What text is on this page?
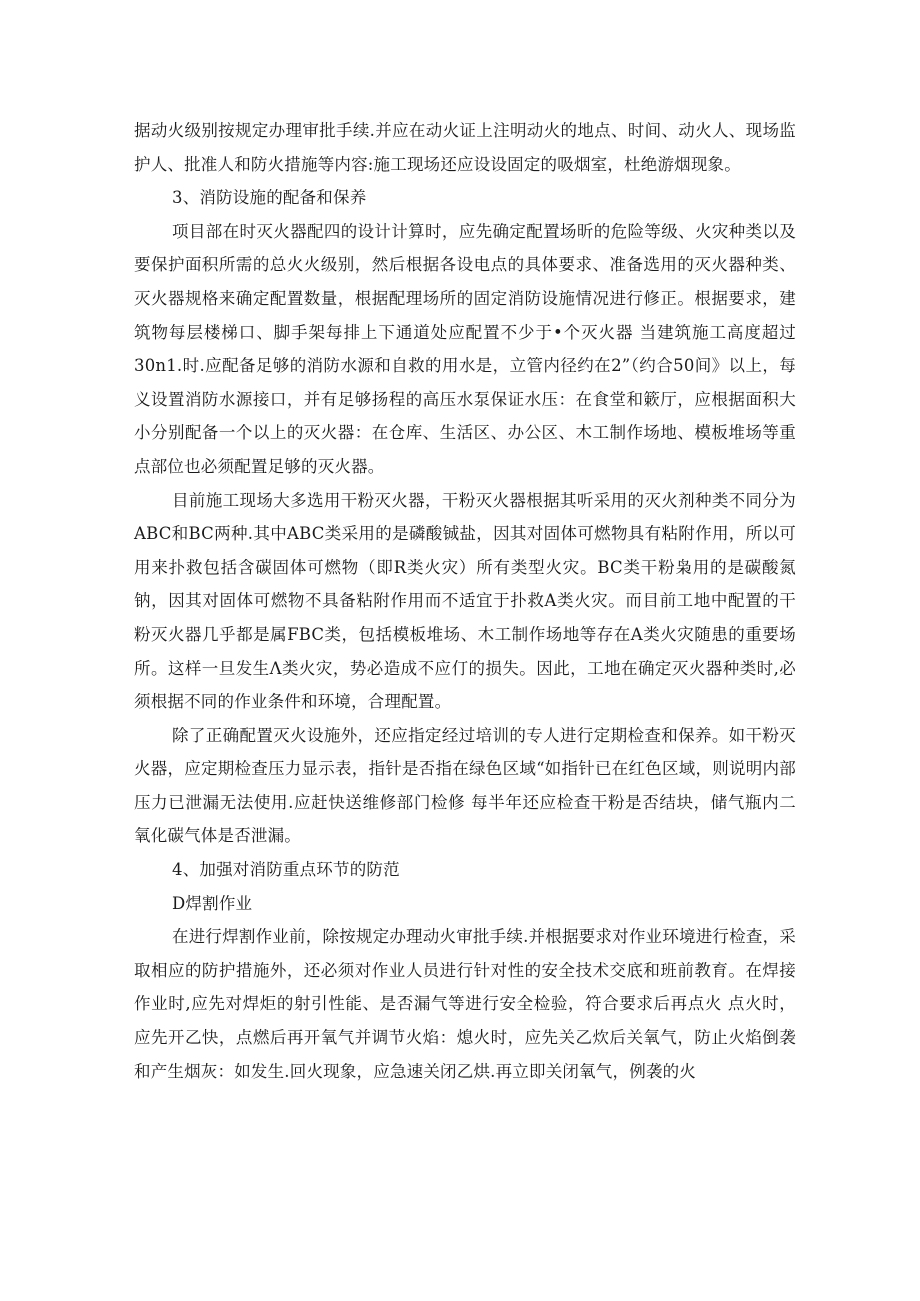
据动火级别按规定办理审批手续.并应在动火证上注明动火的地点、时间、动火人、现场监护人、批准人和防火措施等内容:施工现场还应设设固定的吸烟室，杜绝游烟现象。

3、消防设施的配备和保养

项目部在时灭火器配四的设计计算时，应先确定配置场昕的危险等级、火灾种类以及要保护面积所需的总火火级别，然后根据各设电点的具体要求、准备选用的灭火器种类、灭火器规格来确定配置数量，根据配理场所的固定消防设施情况进行修正。根据要求，建筑物每层楼梯口、脚手架每排上下通道处应配置不少于•个灭火器 当建筑施工高度超过30n1.时.应配备足够的消防水源和自救的用水是，立管内径约在2”（约合50间》以上，每义设置消防水源接口，并有足够扬程的高压水泵保证水压：在食堂和簌厅，应根据面积大小分别配备一个以上的灭火器：在仓库、生活区、办公区、木工制作场地、模板堆场等重点部位也必须配置足够的灭火器。

目前施工现场大多选用干粉灭火器，干粉灭火器根据其听采用的灭火剂种类不同分为ABC和BC两种.其中ABC类采用的是磷酸铖盐，因其对固体可燃物具有粘附作用，所以可用来扑救包括含碳固体可燃物（即R类火灾）所有类型火灾。BC类干粉枭用的是碳酸氮钠，因其对固体可燃物不具备粘附作用而不适宜于扑救A类火灾。而目前工地中配置的干粉灭火器几乎都是属FBC类，包括模板堆场、木工制作场地等存在A类火灾随患的重要场所。这样一旦发生Λ类火灾，势必造成不应仃的损失。因此，工地在确定灭火器种类时,必须根据不同的作业条件和环境，合理配置。

除了正确配置灭火设施外，还应指定经过培训的专人进行定期检查和保养。如干粉灭火器，应定期检查压力显示表，指针是否指在绿色区域“如指针已在红色区域，则说明内部压力已泄漏无法使用.应赶快送维修部门检修 每半年还应检查干粉是否结块，储气瓶内二氧化碳气体是否泄漏。

4、加强对消防重点环节的防范

D焊割作业

在进行焊割作业前，除按规定办理动火审批手续.并根据要求对作业环境进行检查，采取相应的防护措施外，还必须对作业人员进行针对性的安全技术交底和班前教育。在焊接作业时,应先对焊炬的射引性能、是否漏气等进行安全检验，符合要求后再点火 点火时，应先开乙快，点燃后再开氧气并调节火焰：熄火时，应先关乙炊后关氧气，防止火焰倒袭和产生烟灰：如发生.回火现象，应急速关闭乙烘.再立即关闭氧气，例袭的火
